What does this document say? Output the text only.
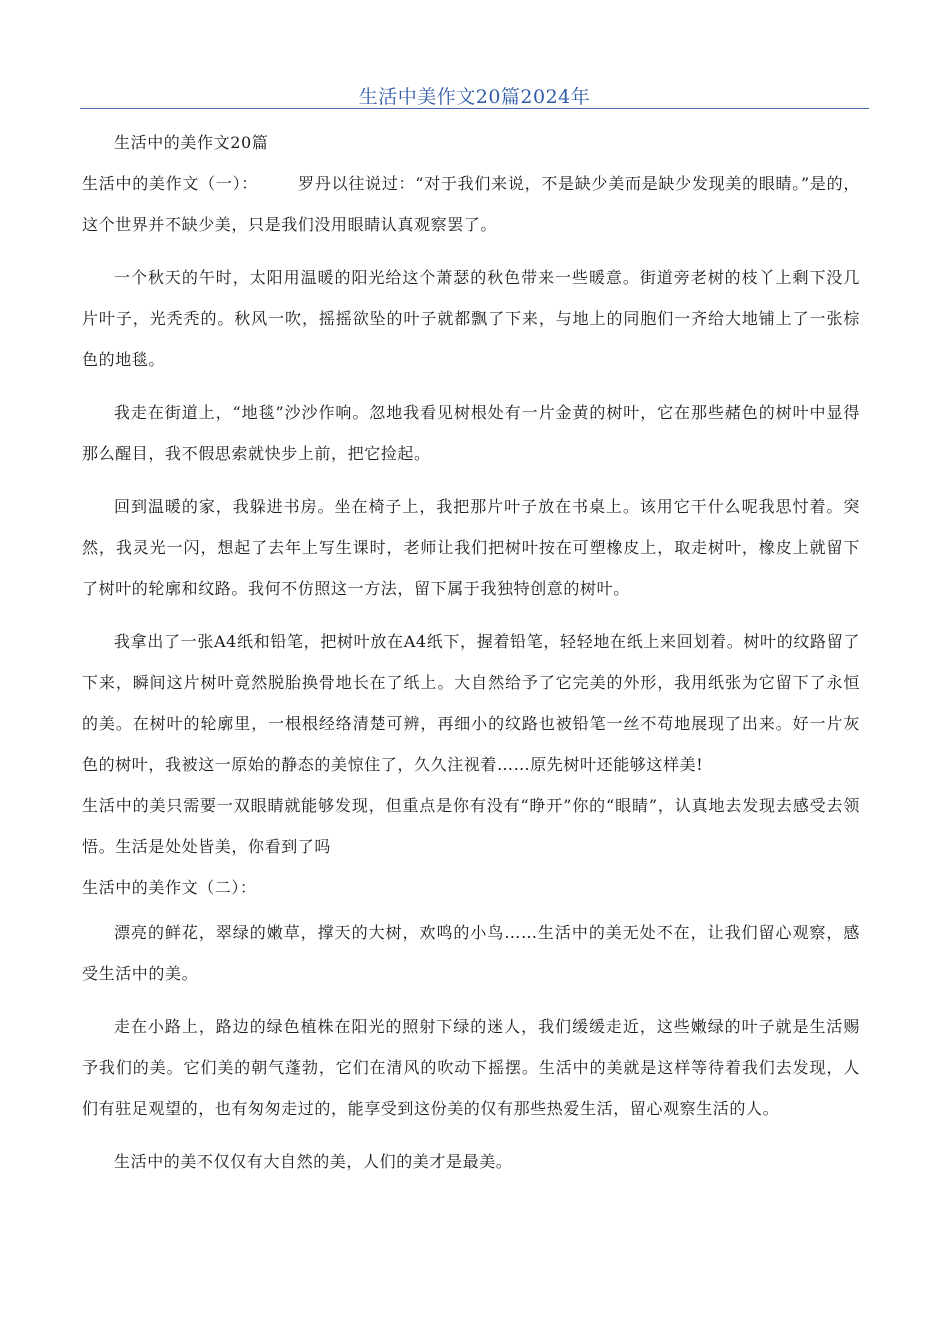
生活中美作文20篇2024年

生活中的美作文20篇

生活中的美作文（一）：	罗丹以往说过：“对于我们来说，不是缺少美而是缺少发现美的眼睛。”是的，这个世界并不缺少美，只是我们没用眼睛认真观察罢了。

一个秋天的午时，太阳用温暖的阳光给这个萧瑟的秋色带来一些暖意。街道旁老树的枝丫上剩下没几片叶子，光秃秃的。秋风一吹，摇摇欲坠的叶子就都飘了下来，与地上的同胞们一齐给大地铺上了一张棕色的地毯。

我走在街道上，“地毯”沙沙作响。忽地我看见树根处有一片金黄的树叶，它在那些赭色的树叶中显得那么醒目，我不假思索就快步上前，把它捡起。

回到温暖的家，我躲进书房。坐在椅子上，我把那片叶子放在书桌上。该用它干什么呢我思忖着。突然，我灵光一闪，想起了去年上写生课时，老师让我们把树叶按在可塑橡皮上，取走树叶，橡皮上就留下了树叶的轮廓和纹路。我何不仿照这一方法，留下属于我独特创意的树叶。

我拿出了一张A4纸和铅笔，把树叶放在A4纸下，握着铅笔，轻轻地在纸上来回划着。树叶的纹路留了下来，瞬间这片树叶竟然脱胎换骨地长在了纸上。大自然给予了它完美的外形，我用纸张为它留下了永恒的美。在树叶的轮廓里，一根根经络清楚可辨，再细小的纹路也被铅笔一丝不苟地展现了出来。好一片灰色的树叶，我被这一原始的静态的美惊住了，久久注视着……原先树叶还能够这样美!

生活中的美只需要一双眼睛就能够发现，但重点是你有没有“睁开”你的“眼睛”，认真地去发现去感受去领悟。生活是处处皆美，你看到了吗

生活中的美作文（二）：

漂亮的鲜花，翠绿的嫩草，撑天的大树，欢鸣的小鸟……生活中的美无处不在，让我们留心观察，感受生活中的美。

走在小路上，路边的绿色植株在阳光的照射下绿的迷人，我们缓缓走近，这些嫩绿的叶子就是生活赐予我们的美。它们美的朝气蓬勃，它们在清风的吹动下摇摆。生活中的美就是这样等待着我们去发现，人们有驻足观望的，也有匆匆走过的，能享受到这份美的仅有那些热爱生活，留心观察生活的人。

生活中的美不仅仅有大自然的美，人们的美才是最美。
